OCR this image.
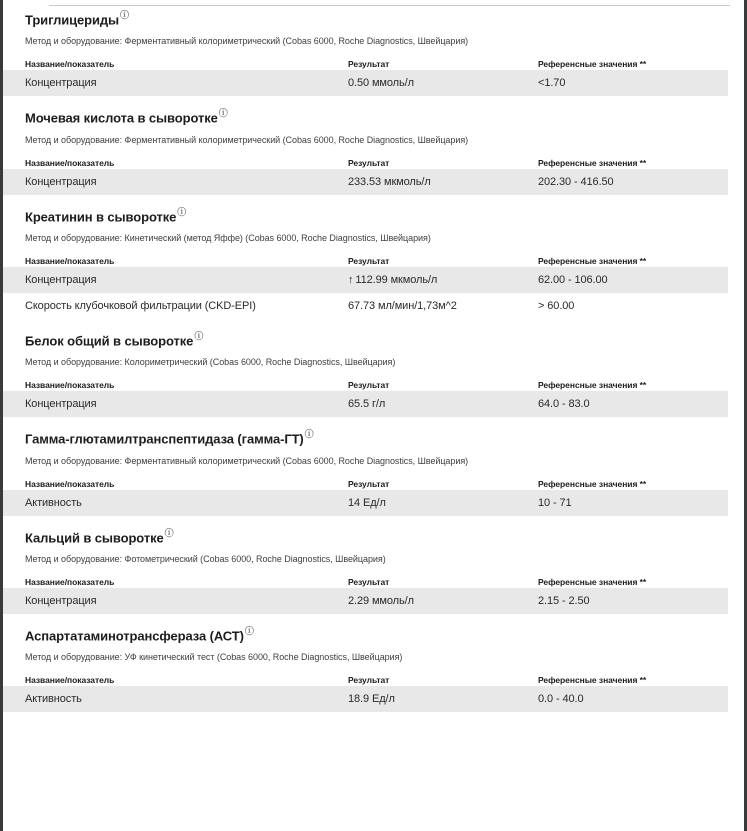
Триглицеридыⓘ
Метод и оборудование: Ферментативный колориметрический (Cobas 6000, Roche Diagnostics, Швейцария)
Название/показатель	Результат	Референсные значения **
Концентрация	0.50 ммоль/л	<1.70
Мочевая кислота в сывороткеⓘ
Метод и оборудование: Ферментативный колориметрический (Cobas 6000, Roche Diagnostics, Швейцария)
Название/показатель	Результат	Референсные значения **
Концентрация	233.53 мкмоль/л	202.30 - 416.50
Креатинин в сывороткеⓘ
Метод и оборудование: Кинетический (метод Яффе) (Cobas 6000, Roche Diagnostics, Швейцария)
Название/показатель	Результат	Референсные значения **
Концентрация	↑ 112.99 мкмоль/л	62.00 - 106.00
Скорость клубочковой фильтрации (CKD-EPI)	67.73 мл/мин/1,73м^2	> 60.00
Белок общий в сывороткеⓘ
Метод и оборудование: Колориметрический (Cobas 6000, Roche Diagnostics, Швейцария)
Название/показатель	Результат	Референсные значения **
Концентрация	65.5 г/л	64.0 - 83.0
Гамма-глютамилтранспептидаза (гамма-ГТ)ⓘ
Метод и оборудование: Ферментативный колориметрический (Cobas 6000, Roche Diagnostics, Швейцария)
Название/показатель	Результат	Референсные значения **
Активность	14 Ед/л	10 - 71
Кальций в сывороткеⓘ
Метод и оборудование: Фотометрический (Cobas 6000, Roche Diagnostics, Швейцария)
Название/показатель	Результат	Референсные значения **
Концентрация	2.29 ммоль/л	2.15 - 2.50
Аспартатаминотрансфераза (АСТ)ⓘ
Метод и оборудование: УФ кинетический тест (Cobas 6000, Roche Diagnostics, Швейцария)
Название/показатель	Результат	Референсные значения **
Активность	18.9 Ед/л	0.0 - 40.0
